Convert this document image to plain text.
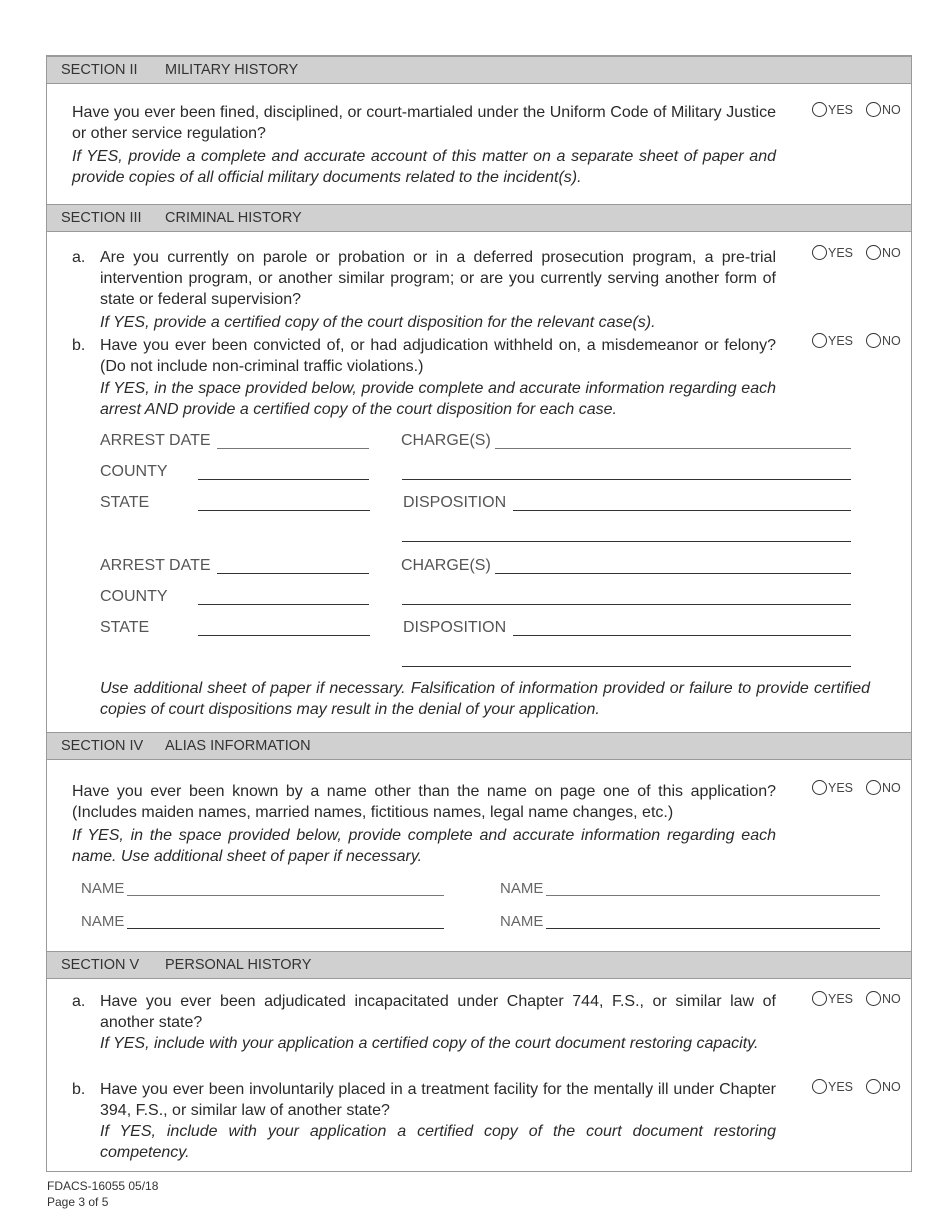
SECTION II MILITARY HISTORY
Have you ever been fined, disciplined, or court-martialed under the Uniform Code of Military Justice or other service regulation?
If YES, provide a complete and accurate account of this matter on a separate sheet of paper and provide copies of all official military documents related to the incident(s).
YES NO
SECTION III CRIMINAL HISTORY
a. Are you currently on parole or probation or in a deferred prosecution program, a pre-trial intervention program, or another similar program; or are you currently serving another form of state or federal supervision?
If YES, provide a certified copy of the court disposition for the relevant case(s).
YES NO
b. Have you ever been convicted of, or had adjudication withheld on, a misdemeanor or felony? (Do not include non-criminal traffic violations.)
If YES, in the space provided below, provide complete and accurate information regarding each arrest AND provide a certified copy of the court disposition for each case.
YES NO
ARREST DATE	CHARGE(S)
COUNTY
STATE	DISPOSITION
ARREST DATE	CHARGE(S)
COUNTY
STATE	DISPOSITION
Use additional sheet of paper if necessary. Falsification of information provided or failure to provide certified copies of court dispositions may result in the denial of your application.
SECTION IV ALIAS INFORMATION
Have you ever been known by a name other than the name on page one of this application? (Includes maiden names, married names, fictitious names, legal name changes, etc.)
If YES, in the space provided below, provide complete and accurate information regarding each name. Use additional sheet of paper if necessary.
YES NO
NAME	NAME
NAME	NAME
SECTION V PERSONAL HISTORY
a. Have you ever been adjudicated incapacitated under Chapter 744, F.S., or similar law of another state?
If YES, include with your application a certified copy of the court document restoring capacity.
YES NO
b. Have you ever been involuntarily placed in a treatment facility for the mentally ill under Chapter 394, F.S., or similar law of another state?
If YES, include with your application a certified copy of the court document restoring competency.
YES NO
FDACS-16055 05/18
Page 3 of 5
